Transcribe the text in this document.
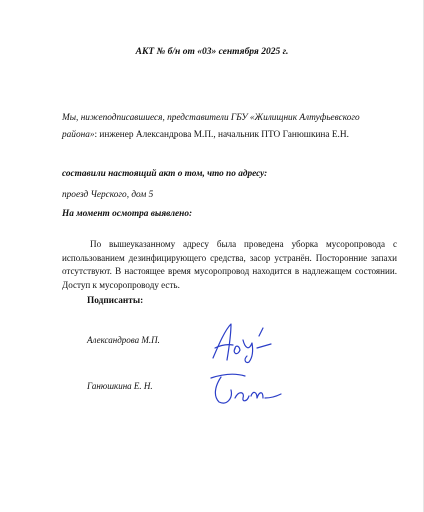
АКТ № б/н от «03» сентября 2025 г.
Мы, нижеподписавшиеся, представители ГБУ «Жилищник Алтуфьевского района»: инженер Александрова М.П., начальник ПТО Ганюшкина Е.Н.
составили настоящий акт о том, что по адресу:
проезд Черского, дом 5
На момент осмотра выявлено:
По вышеуказанному адресу была проведена уборка мусоропровода с использованием дезинфицирующего средства, засор устранён. Посторонние запахи отсутствуют. В настоящее время мусоропровод находится в надлежащем состоянии. Доступ к мусоропроводу есть.
Подписанты:
Александрова М.П.
Ганюшкина Е. Н.
